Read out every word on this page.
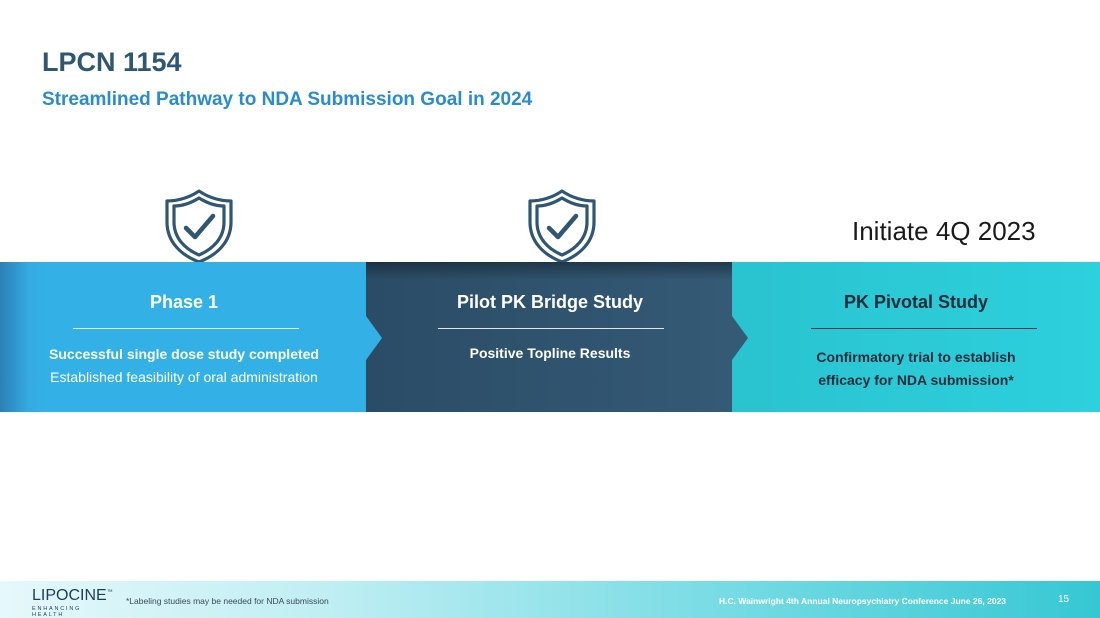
LPCN 1154
Streamlined Pathway to NDA Submission Goal in 2024
Initiate 4Q 2023
Phase 1
Successful single dose study completed
Established feasibility of oral administration
Pilot PK Bridge Study
Positive Topline Results
PK Pivotal Study
Confirmatory trial to establish
efficacy for NDA submission*
LIPOCINE™
ENHANCING HEALTH
*Labeling studies may be needed for NDA submission	H.C. Wainwright 4th Annual Neuropsychiatry Conference June 26, 2023	15
